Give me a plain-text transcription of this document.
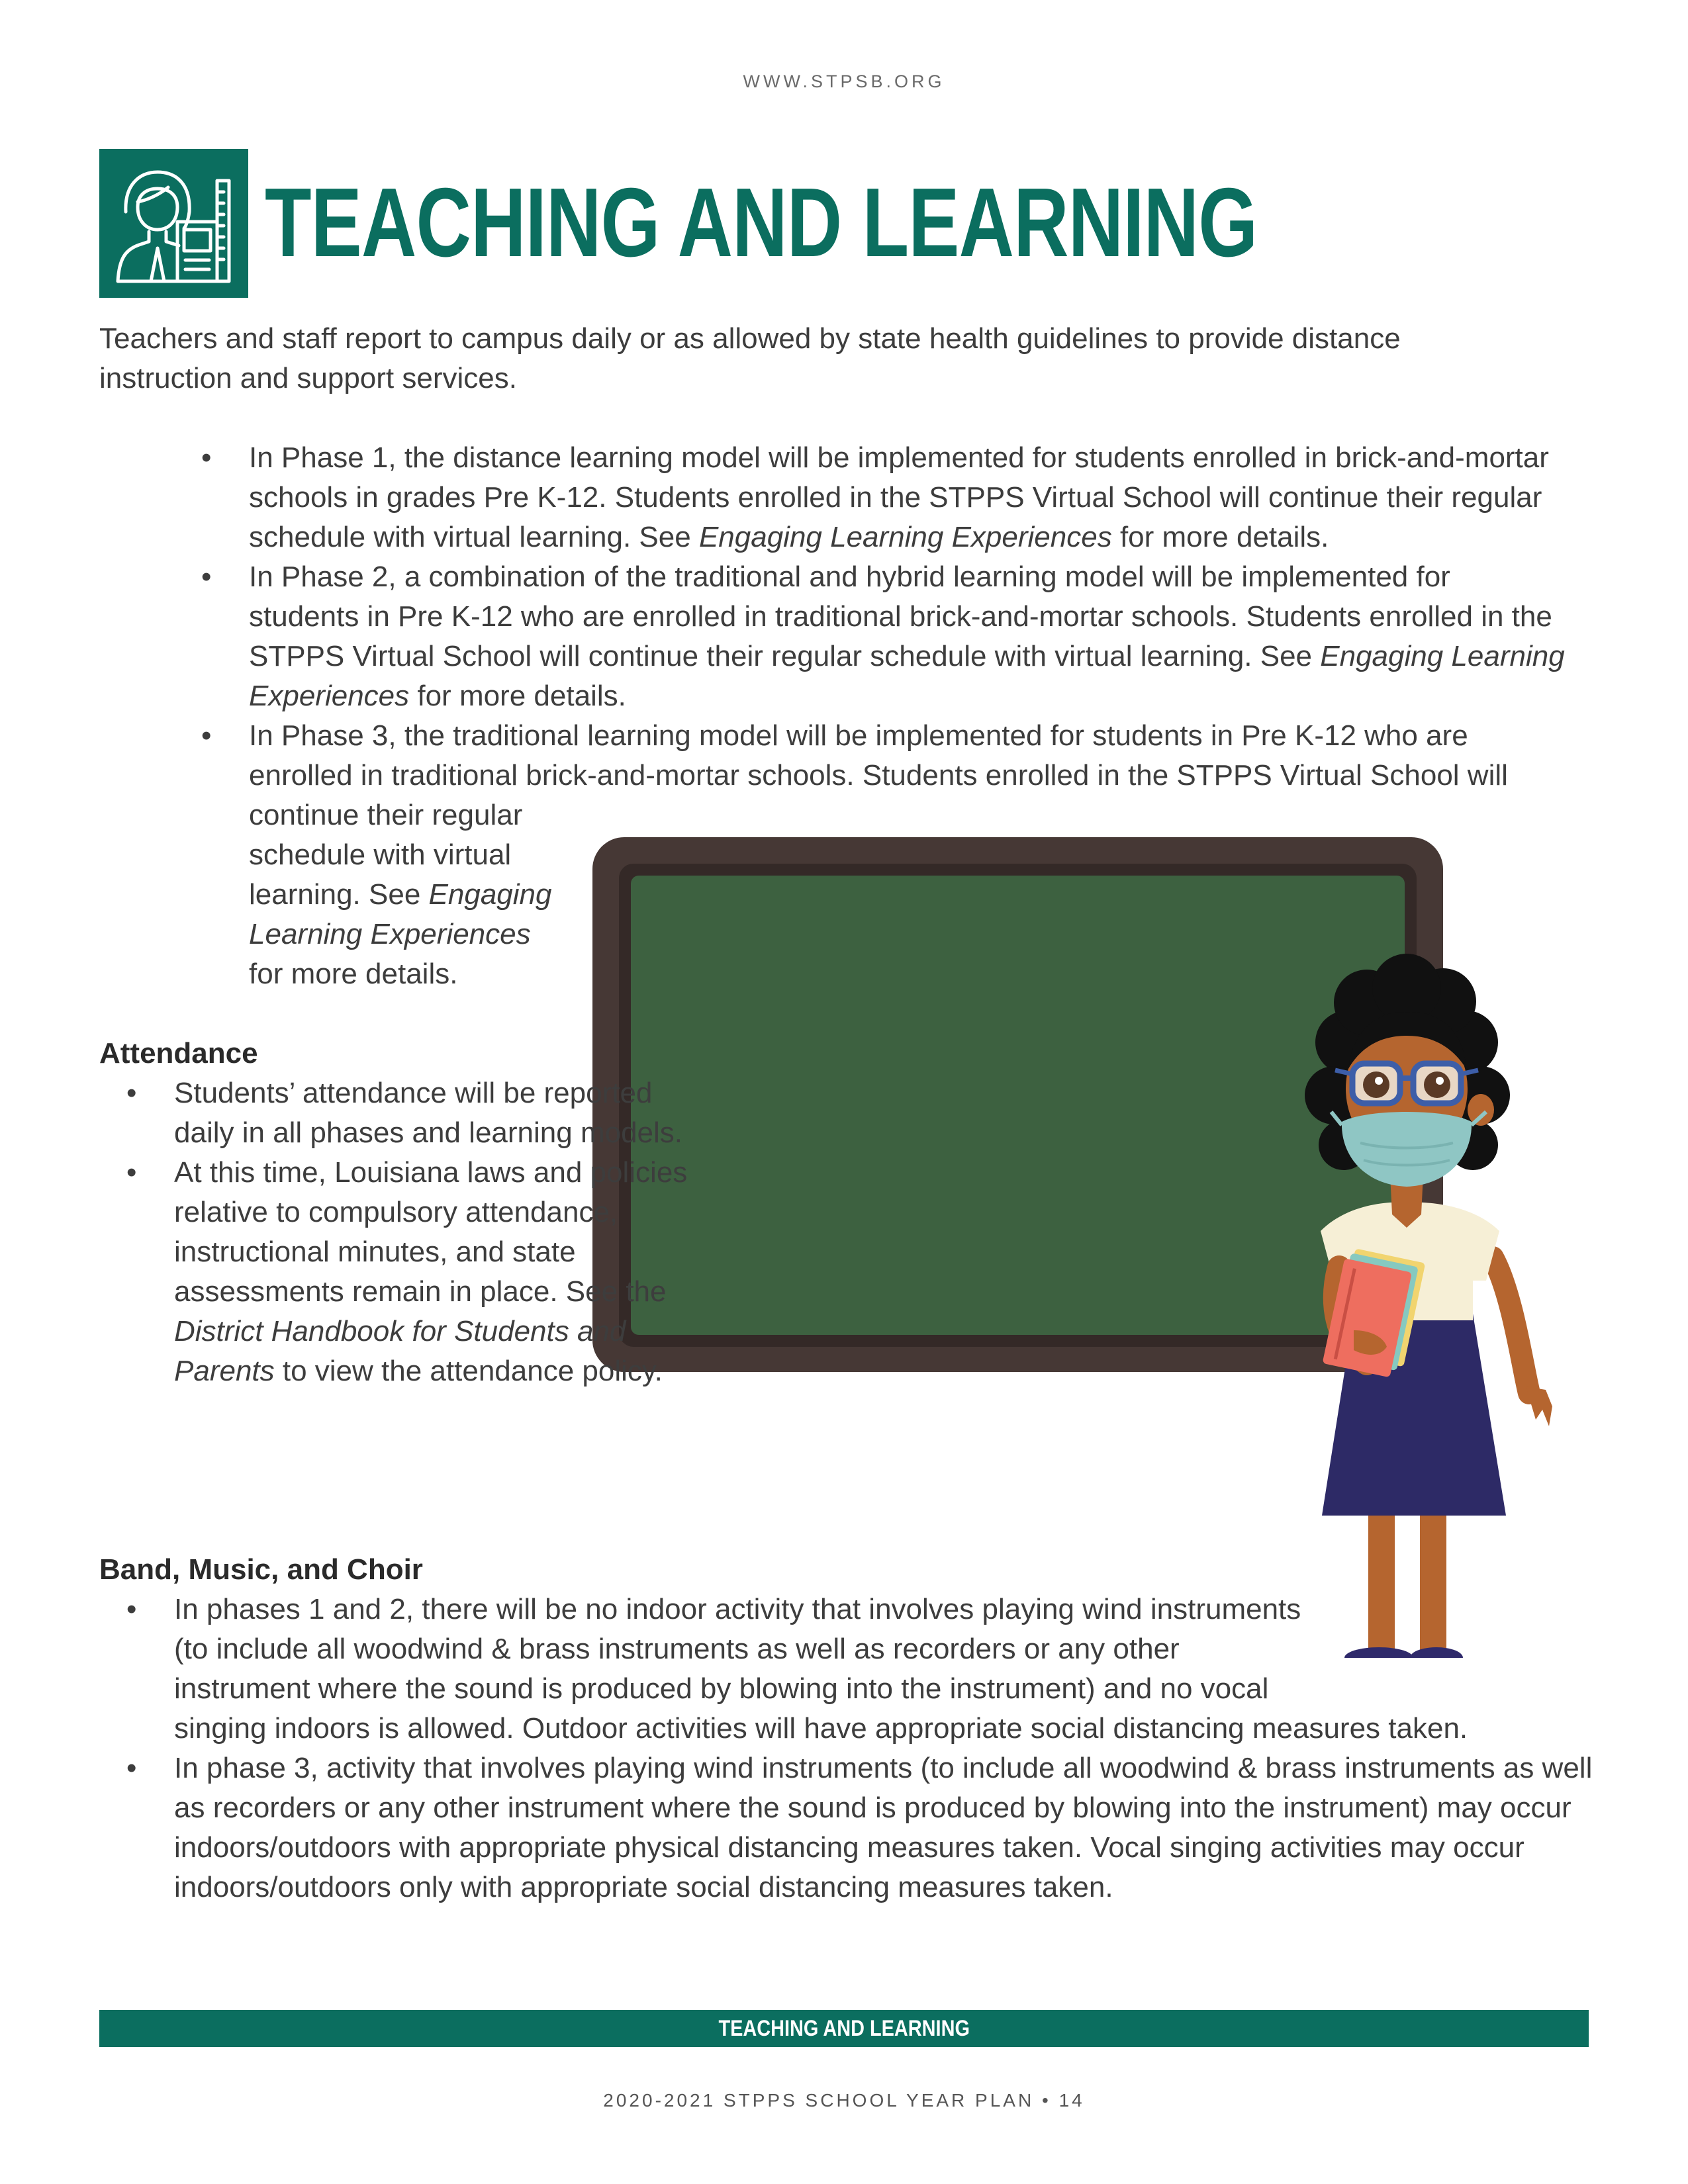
WWW.STPSB.ORG
TEACHING AND LEARNING

Teachers and staff report to campus daily or as allowed by state health guidelines to provide distance instruction and support services.

• In Phase 1, the distance learning model will be implemented for students enrolled in brick-and-mortar schools in grades Pre K-12. Students enrolled in the STPPS Virtual School will continue their regular schedule with virtual learning. See Engaging Learning Experiences for more details.
• In Phase 2, a combination of the traditional and hybrid learning model will be implemented for students in Pre K-12 who are enrolled in traditional brick-and-mortar schools. Students enrolled in the STPPS Virtual School will continue their regular schedule with virtual learning. See Engaging Learning Experiences for more details.
• In Phase 3, the traditional learning model will be implemented for students in Pre K-12 who are enrolled in traditional brick-and-mortar schools. Students enrolled in the STPPS Virtual School will
continue their regular schedule with virtual learning. See Engaging Learning Experiences for more details.
Attendance
• Students’ attendance will be reported daily in all phases and learning models.
• At this time, Louisiana laws and policies relative to compulsory attendance, instructional minutes, and state assessments remain in place. See the District Handbook for Students and Parents to view the attendance policy.
Band, Music, and Choir
• In phases 1 and 2, there will be no indoor activity that involves playing wind instruments (to include all woodwind & brass instruments as well as recorders or any other instrument where the sound is produced by blowing into the instrument) and no vocal singing indoors is allowed. Outdoor activities will have appropriate social distancing measures taken.
• In phase 3, activity that involves playing wind instruments (to include all woodwind & brass instruments as well as recorders or any other instrument where the sound is produced by blowing into the instrument) may occur indoors/outdoors with appropriate physical distancing measures taken. Vocal singing activities may occur indoors/outdoors only with appropriate social distancing measures taken.
TEACHING AND LEARNING
2020-2021 STPPS SCHOOL YEAR PLAN • 14
